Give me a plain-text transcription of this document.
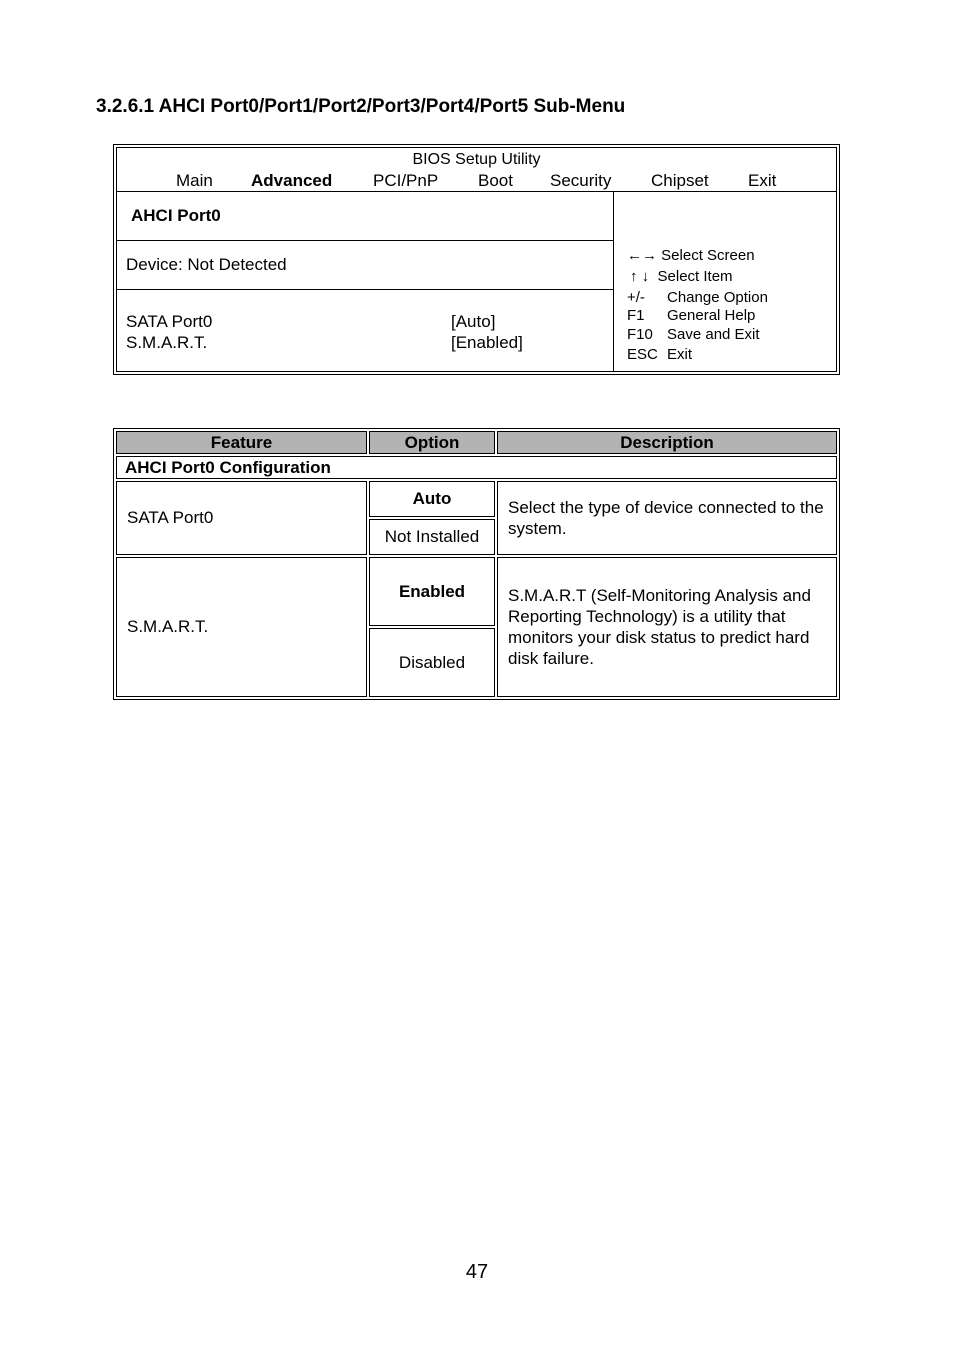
3.2.6.1 AHCI Port0/Port1/Port2/Port3/Port4/Port5 Sub-Menu
BIOS Setup Utility
Main Advanced PCI/PnP Boot Security Chipset Exit
AHCI Port0
Device: Not Detected
SATA Port0	[Auto]
S.M.A.R.T.	[Enabled]
←→ Select Screen
↑ ↓ Select Item
+/- Change Option
F1 General Help
F10 Save and Exit
ESC Exit
Feature	Option	Description
AHCI Port0 Configuration		
SATA Port0	Auto	Select the type of device connected to the system.
	Not Installed	
S.M.A.R.T.	Enabled	S.M.A.R.T (Self-Monitoring Analysis and Reporting Technology) is a utility that monitors your disk status to predict hard disk failure.
	Disabled	
47
